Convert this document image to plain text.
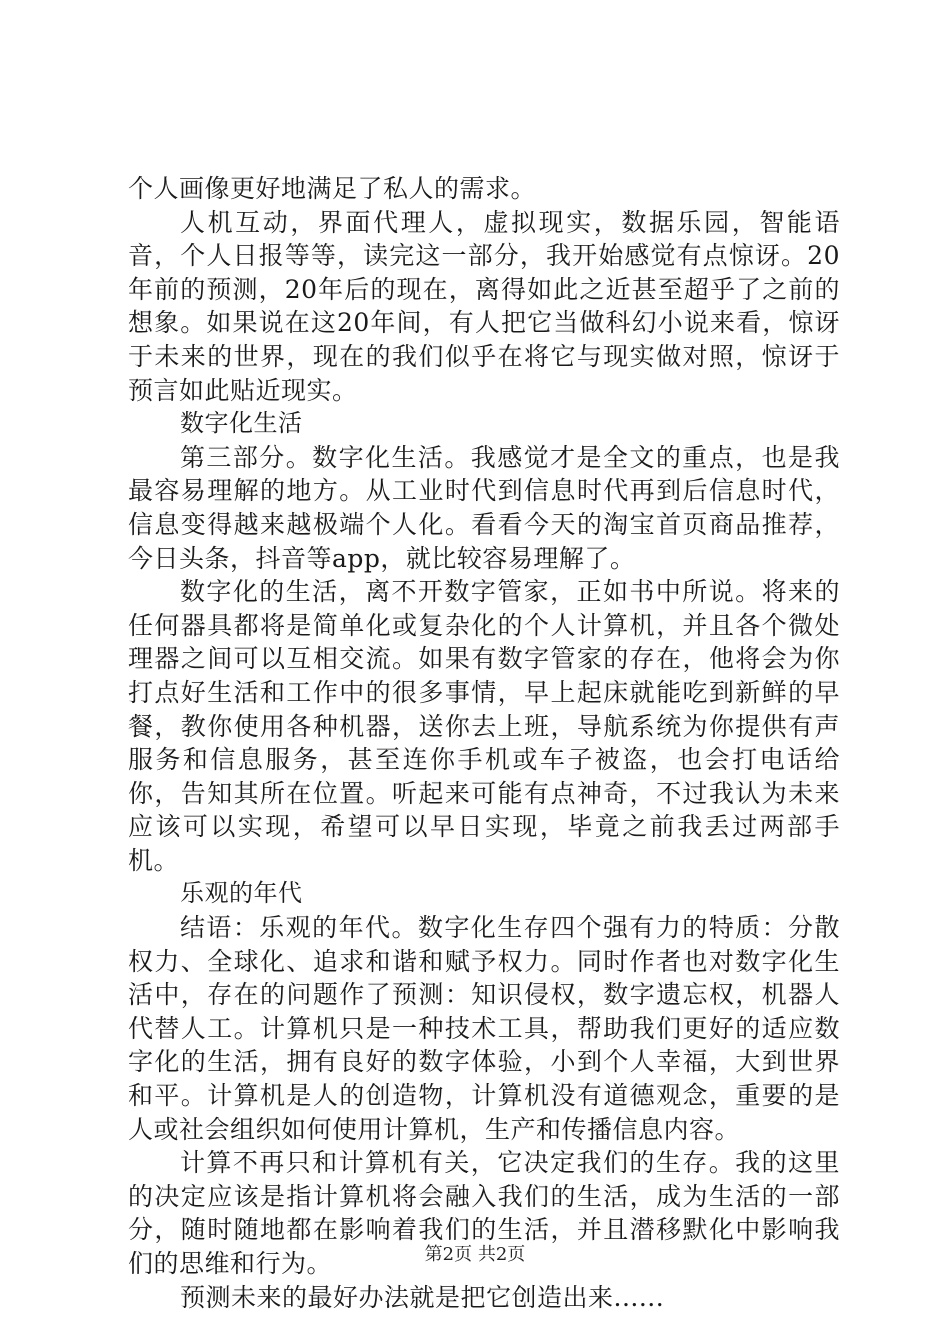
个人画像更好地满足了私人的需求。

人机互动，界面代理人，虚拟现实，数据乐园，智能语音，个人日报等等，读完这一部分，我开始感觉有点惊讶。20年前的预测，20年后的现在，离得如此之近甚至超乎了之前的想象。如果说在这20年间，有人把它当做科幻小说来看，惊讶于未来的世界，现在的我们似乎在将它与现实做对照，惊讶于预言如此贴近现实。

数字化生活

第三部分。数字化生活。我感觉才是全文的重点，也是我最容易理解的地方。从工业时代到信息时代再到后信息时代，信息变得越来越极端个人化。看看今天的淘宝首页商品推荐，今日头条，抖音等app，就比较容易理解了。

数字化的生活，离不开数字管家，正如书中所说。将来的任何器具都将是简单化或复杂化的个人计算机，并且各个微处理器之间可以互相交流。如果有数字管家的存在，他将会为你打点好生活和工作中的很多事情，早上起床就能吃到新鲜的早餐，教你使用各种机器，送你去上班，导航系统为你提供有声服务和信息服务，甚至连你手机或车子被盗，也会打电话给你，告知其所在位置。听起来可能有点神奇，不过我认为未来应该可以实现，希望可以早日实现，毕竟之前我丢过两部手机。

乐观的年代

结语：乐观的年代。数字化生存四个强有力的特质：分散权力、全球化、追求和谐和赋予权力。同时作者也对数字化生活中，存在的问题作了预测：知识侵权，数字遗忘权，机器人代替人工。计算机只是一种技术工具，帮助我们更好的适应数字化的生活，拥有良好的数字体验，小到个人幸福，大到世界和平。计算机是人的创造物，计算机没有道德观念，重要的是人或社会组织如何使用计算机，生产和传播信息内容。

计算不再只和计算机有关，它决定我们的生存。我的这里的决定应该是指计算机将会融入我们的生活，成为生活的一部分，随时随地都在影响着我们的生活，并且潜移默化中影响我们的思维和行为。

预测未来的最好办法就是把它创造出来......

第2页 共2页
